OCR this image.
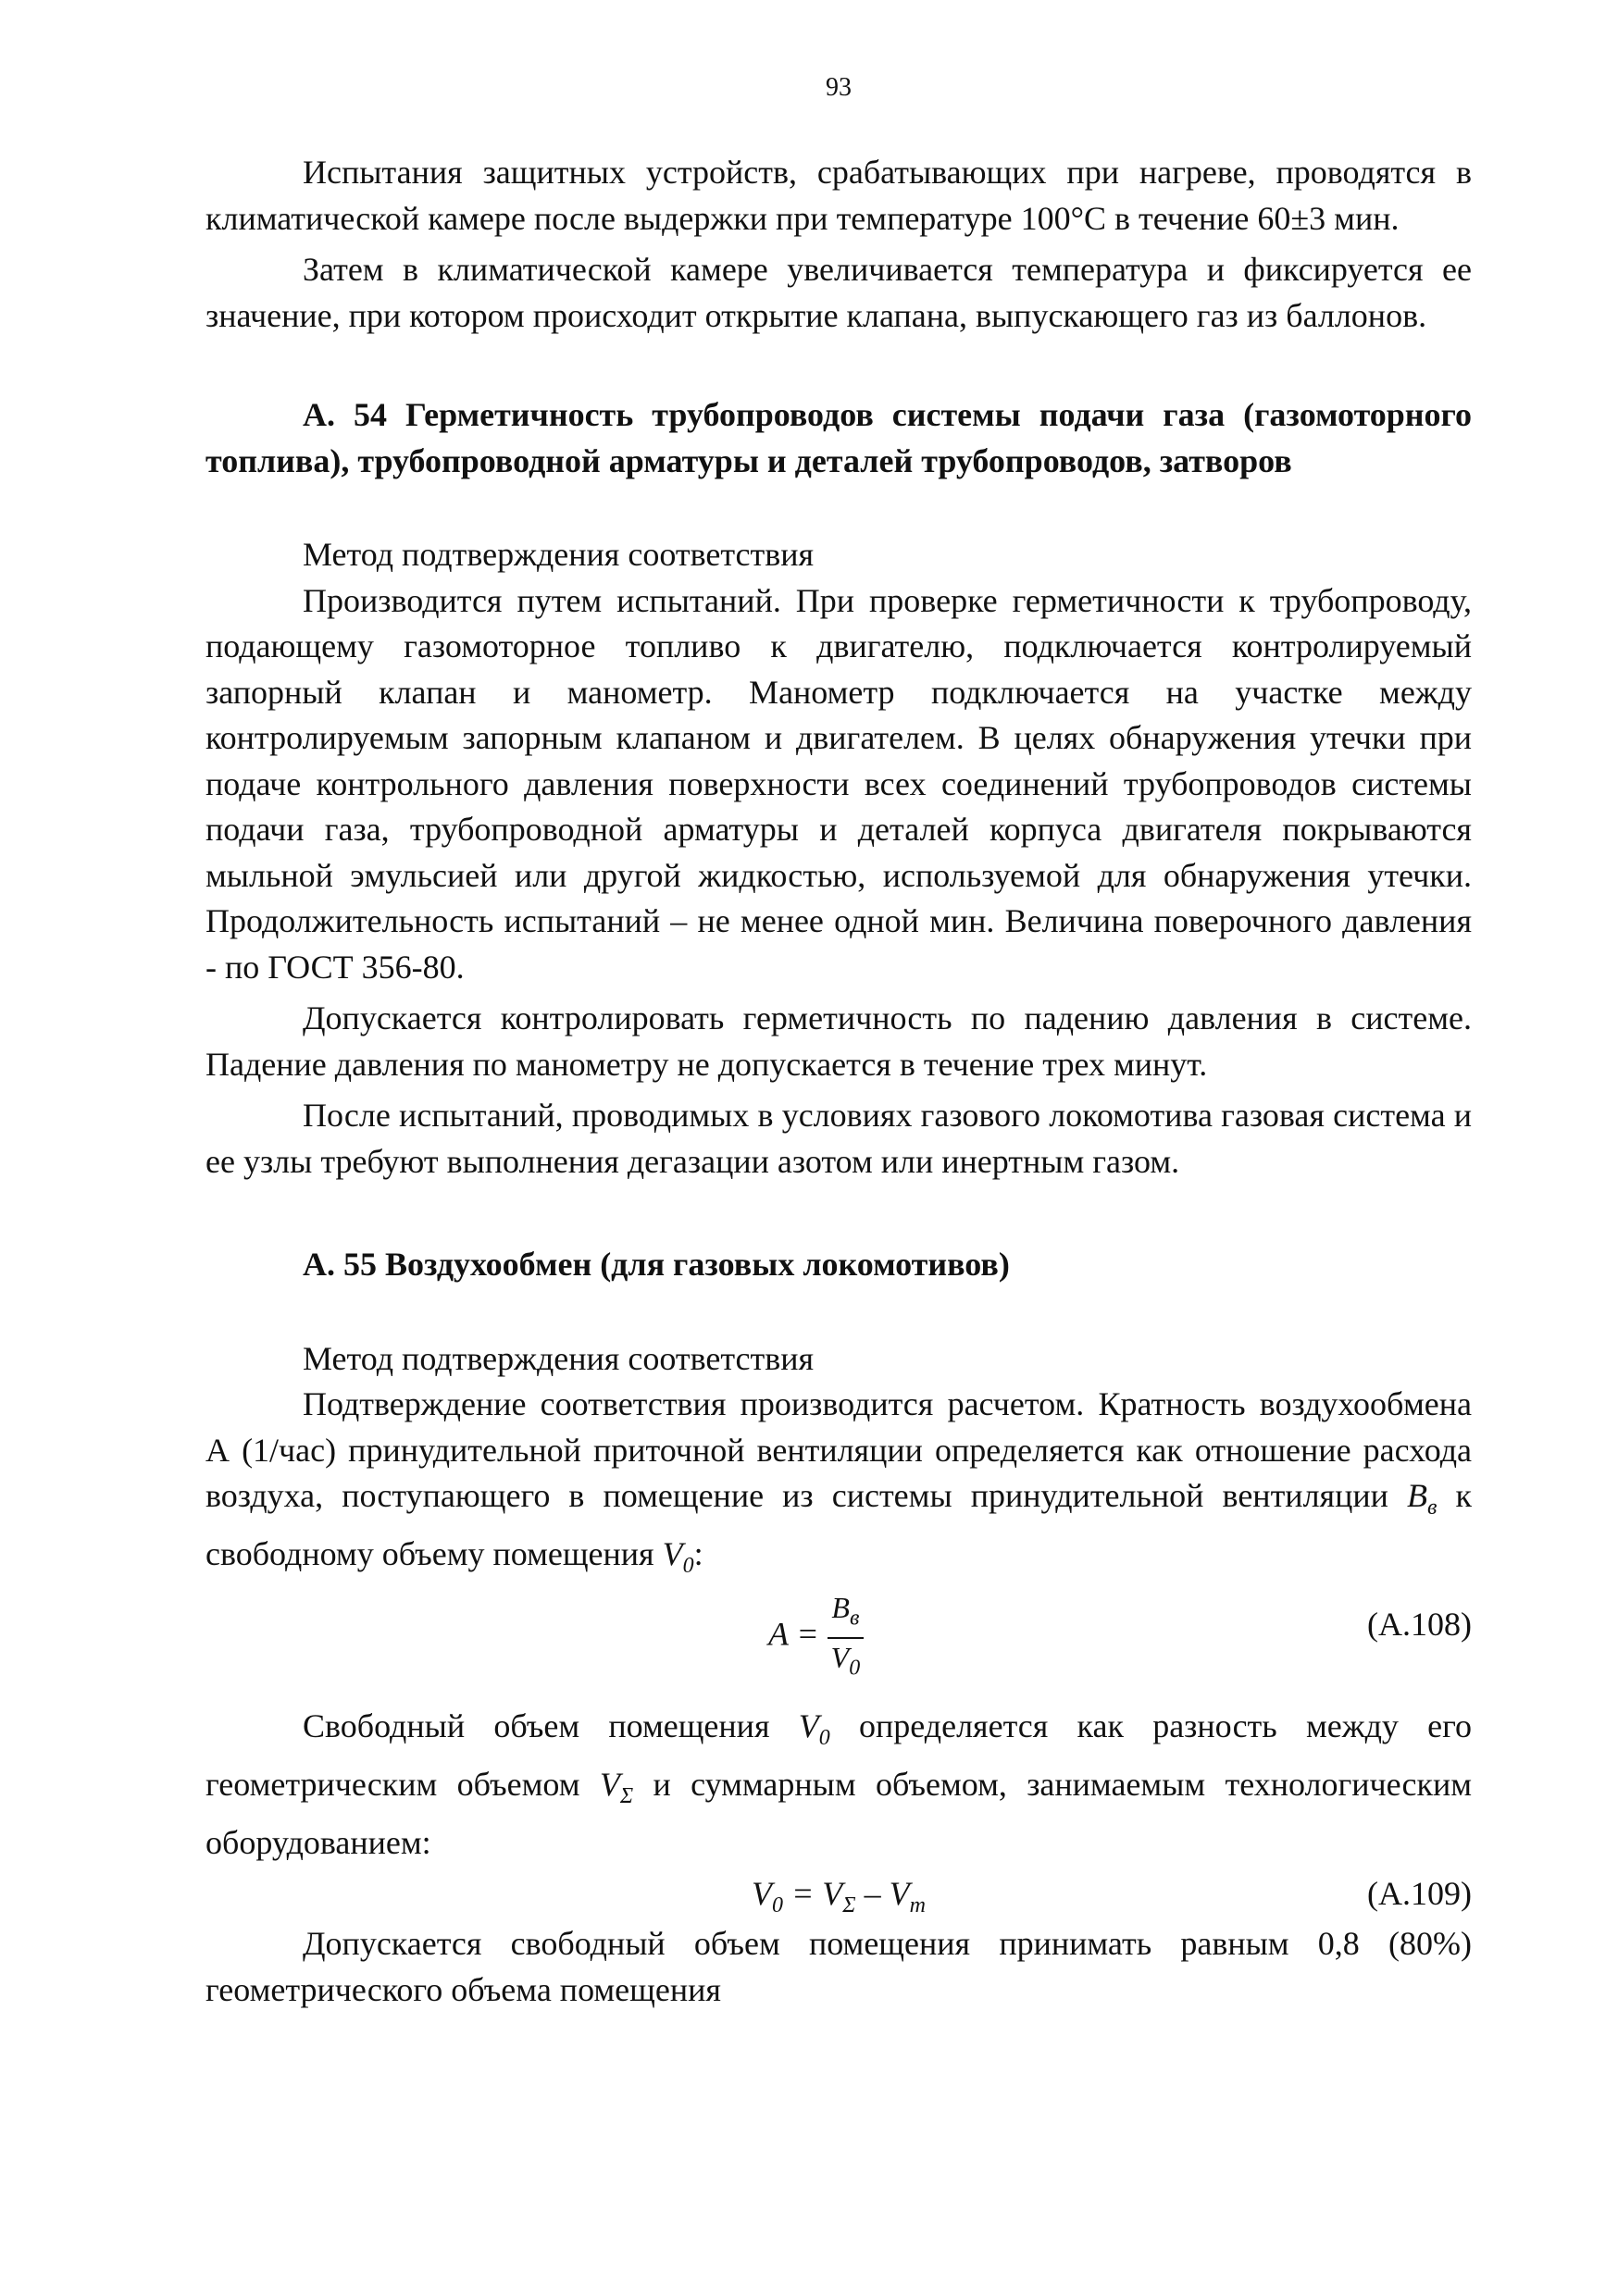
93

Испытания защитных устройств, срабатывающих при нагреве, проводятся в климатической камере после выдержки при температуре 100°С в течение 60±3 мин.

Затем в климатической камере увеличивается температура и фиксируется ее значение, при котором происходит открытие клапана, выпускающего газ из баллонов.

А. 54 Герметичность трубопроводов системы подачи газа (газомоторного топлива), трубопроводной арматуры и деталей трубопроводов, затворов
Метод подтверждения соответствия

Производится путем испытаний. При проверке герметичности к трубопроводу, подающему газомоторное топливо к двигателю, подключается контролируемый запорный клапан и манометр. Манометр подключается на участке между контролируемым запорным клапаном и двигателем. В целях обнаружения утечки при подаче контрольного давления поверхности всех соединений трубопроводов системы подачи газа, трубопроводной арматуры и деталей корпуса двигателя покрываются мыльной эмульсией или другой жидкостью, используемой для обнаружения утечки. Продолжительность испытаний – не менее одной мин. Величина поверочного давления - по ГОСТ 356-80.

Допускается контролировать герметичность по падению давления в системе. Падение давления по манометру не допускается в течение трех минут.

После испытаний, проводимых в условиях газового локомотива газовая система и ее узлы требуют выполнения дегазации азотом или инертным газом.

А. 55 Воздухообмен (для газовых локомотивов)
Метод подтверждения соответствия

Подтверждение соответствия производится расчетом. Кратность воздухообмена А (1/час) принудительной приточной вентиляции определяется как отношение расхода воздуха, поступающего в помещение из системы принудительной вентиляции $B_в$ к свободному объему помещения $V_0$:

$A = \frac{B_в}{V_0}$	(А.108)

Свободный объем помещения $V_0$ определяется как разность между его геометрическим объемом $V_\Sigma$ и суммарным объемом, занимаемым технологическим оборудованием:

$V_0 = V_\Sigma - V_т$	(А.109)

Допускается свободный объем помещения принимать равным 0,8 (80%) геометрического объема помещения
